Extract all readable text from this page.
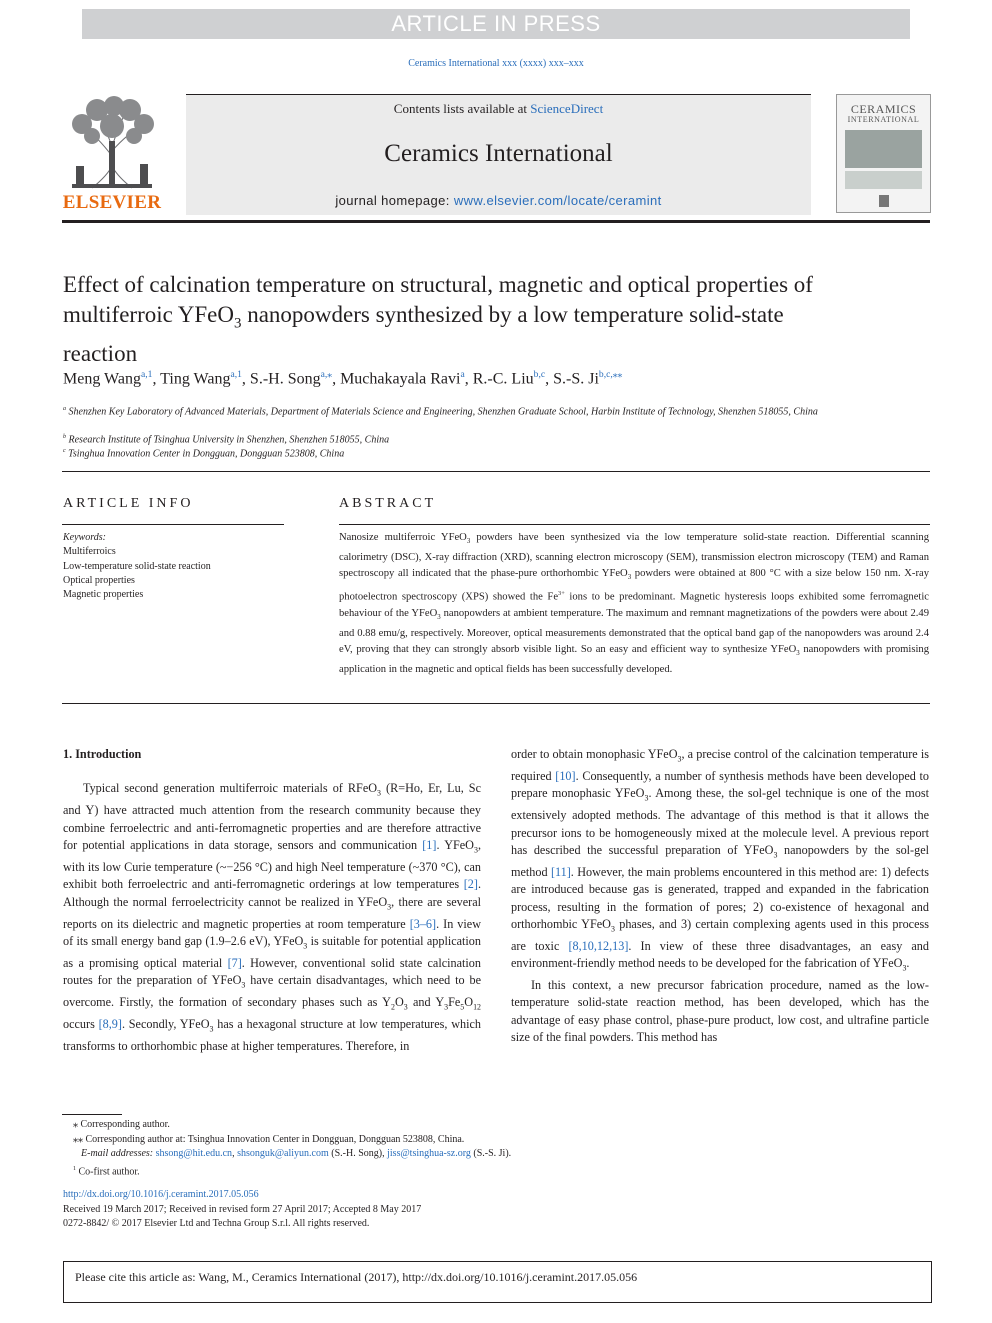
ARTICLE IN PRESS
Ceramics International xxx (xxxx) xxx–xxx
Contents lists available at ScienceDirect
Ceramics International
journal homepage: www.elsevier.com/locate/ceramint
ELSEVIER
CERAMICS
INTERNATIONAL
Effect of calcination temperature on structural, magnetic and optical properties of multiferroic YFeO$_3$ nanopowders synthesized by a low temperature solid-state reaction
Meng Wang$^{a,1}$, Ting Wang$^{a,1}$, S.-H. Song$^{a,⁎}$, Muchakayala Ravi$^a$, R.-C. Liu$^{b,c}$, S.-S. $Ji^{b,c,⁎⁎}$
$^a$ Shenzhen Key Laboratory of Advanced Materials, Department of Materials Science and Engineering, Shenzhen Graduate School, Harbin Institute of Technology, Shenzhen 518055, China
$^b$ Research Institute of Tsinghua University in Shenzhen, Shenzhen 518055, China
$^c$ Tsinghua Innovation Center in Dongguan, Dongguan 523808, China
ARTICLE INFO
Keywords:
Multiferroics
Low-temperature solid-state reaction
Optical properties
Magnetic properties
ABSTRACT
Nanosize multiferroic YFeO$_3$ powders have been synthesized via the low temperature solid-state reaction. Differential scanning calorimetry (DSC), X-ray diffraction (XRD), scanning electron microscopy (SEM), transmission electron microscopy (TEM) and Raman spectroscopy all indicated that the phase-pure orthorhombic YFeO$_3$ powders were obtained at 800 °C with a size below 150 nm. X-ray photoelectron spectroscopy (XPS) showed the $Fe^{3+}$ ions to be predominant. Magnetic hysteresis loops exhibited some ferromagnetic behaviour of the YFeO$_3$ nanopowders at ambient temperature. The maximum and remnant magnetizations of the powders were about 2.49 and 0.88 emu/g, respectively. Moreover, optical measurements demonstrated that the optical band gap of the nanopowders was around 2.4 eV, proving that they can strongly absorb visible light. So an easy and efficient way to synthesize YFeO$_3$ nanopowders with promising application in the magnetic and optical fields has been successfully developed.
1. Introduction

Typical second generation multiferroic materials of RFeO$_3$ (R=Ho, Er, Lu, Sc and Y) have attracted much attention from the research community because they combine ferroelectric and anti-ferromagnetic properties and are therefore attractive for potential applications in data storage, sensors and communication [1]. YFeO$_3$, with its low Curie temperature (~−256 °C) and high Neel temperature (~370 °C), can exhibit both ferroelectric and anti-ferromagnetic orderings at low temperatures [2]. Although the normal ferroelectricity cannot be realized in YFeO$_3$, there are several reports on its dielectric and magnetic properties at room temperature [3–6]. In view of its small energy band gap (1.9–2.6 eV), YFeO$_3$ is suitable for potential application as a promising optical material [7]. However, conventional solid state calcination routes for the preparation of YFeO$_3$ have certain disadvantages, which need to be overcome. Firstly, the formation of secondary phases such as $Y_2O_3$ and $Y_3Fe_5O_{12}$ occurs [8,9]. Secondly, YFeO$_3$ has a hexagonal structure at low temperatures, which transforms to orthorhombic phase at higher temperatures. Therefore, in

order to obtain monophasic YFeO$_3$, a precise control of the calcination temperature is required [10]. Consequently, a number of synthesis methods have been developed to prepare monophasic YFeO$_3$. Among these, the sol-gel technique is one of the most extensively adopted methods. The advantage of this method is that it allows the precursor ions to be homogeneously mixed at the molecule level. A previous report has described the successful preparation of YFeO$_3$ nanopowders by the sol-gel method [11]. However, the main problems encountered in this method are: 1) defects are introduced because gas is generated, trapped and expanded in the fabrication process, resulting in the formation of pores; 2) co-existence of hexagonal and orthorhombic YFeO$_3$ phases, and 3) certain complexing agents used in this process are toxic [8,10,12,13]. In view of these three disadvantages, an easy and environment-friendly method needs to be developed for the fabrication of YFeO$_3$.

In this context, a new precursor fabrication procedure, named as the low-temperature solid-state reaction method, has been developed, which has the advantage of easy phase control, phase-pure product, low cost, and ultrafine particle size of the final powders. This method has

⁎ Corresponding author.
⁎⁎ Corresponding author at: Tsinghua Innovation Center in Dongguan, Dongguan 523808, China.
E-mail addresses: shsong@hit.edu.cn, shsonguk@aliyun.com (S.-H. Song), jiss@tsinghua-sz.org (S.-S. Ji).
$^1$ Co-first author.
http://dx.doi.org/10.1016/j.ceramint.2017.05.056
Received 19 March 2017; Received in revised form 27 April 2017; Accepted 8 May 2017
0272-8842/ © 2017 Elsevier Ltd and Techna Group S.r.l. All rights reserved.
Please cite this article as: Wang, M., Ceramics International (2017), http://dx.doi.org/10.1016/j.ceramint.2017.05.056
